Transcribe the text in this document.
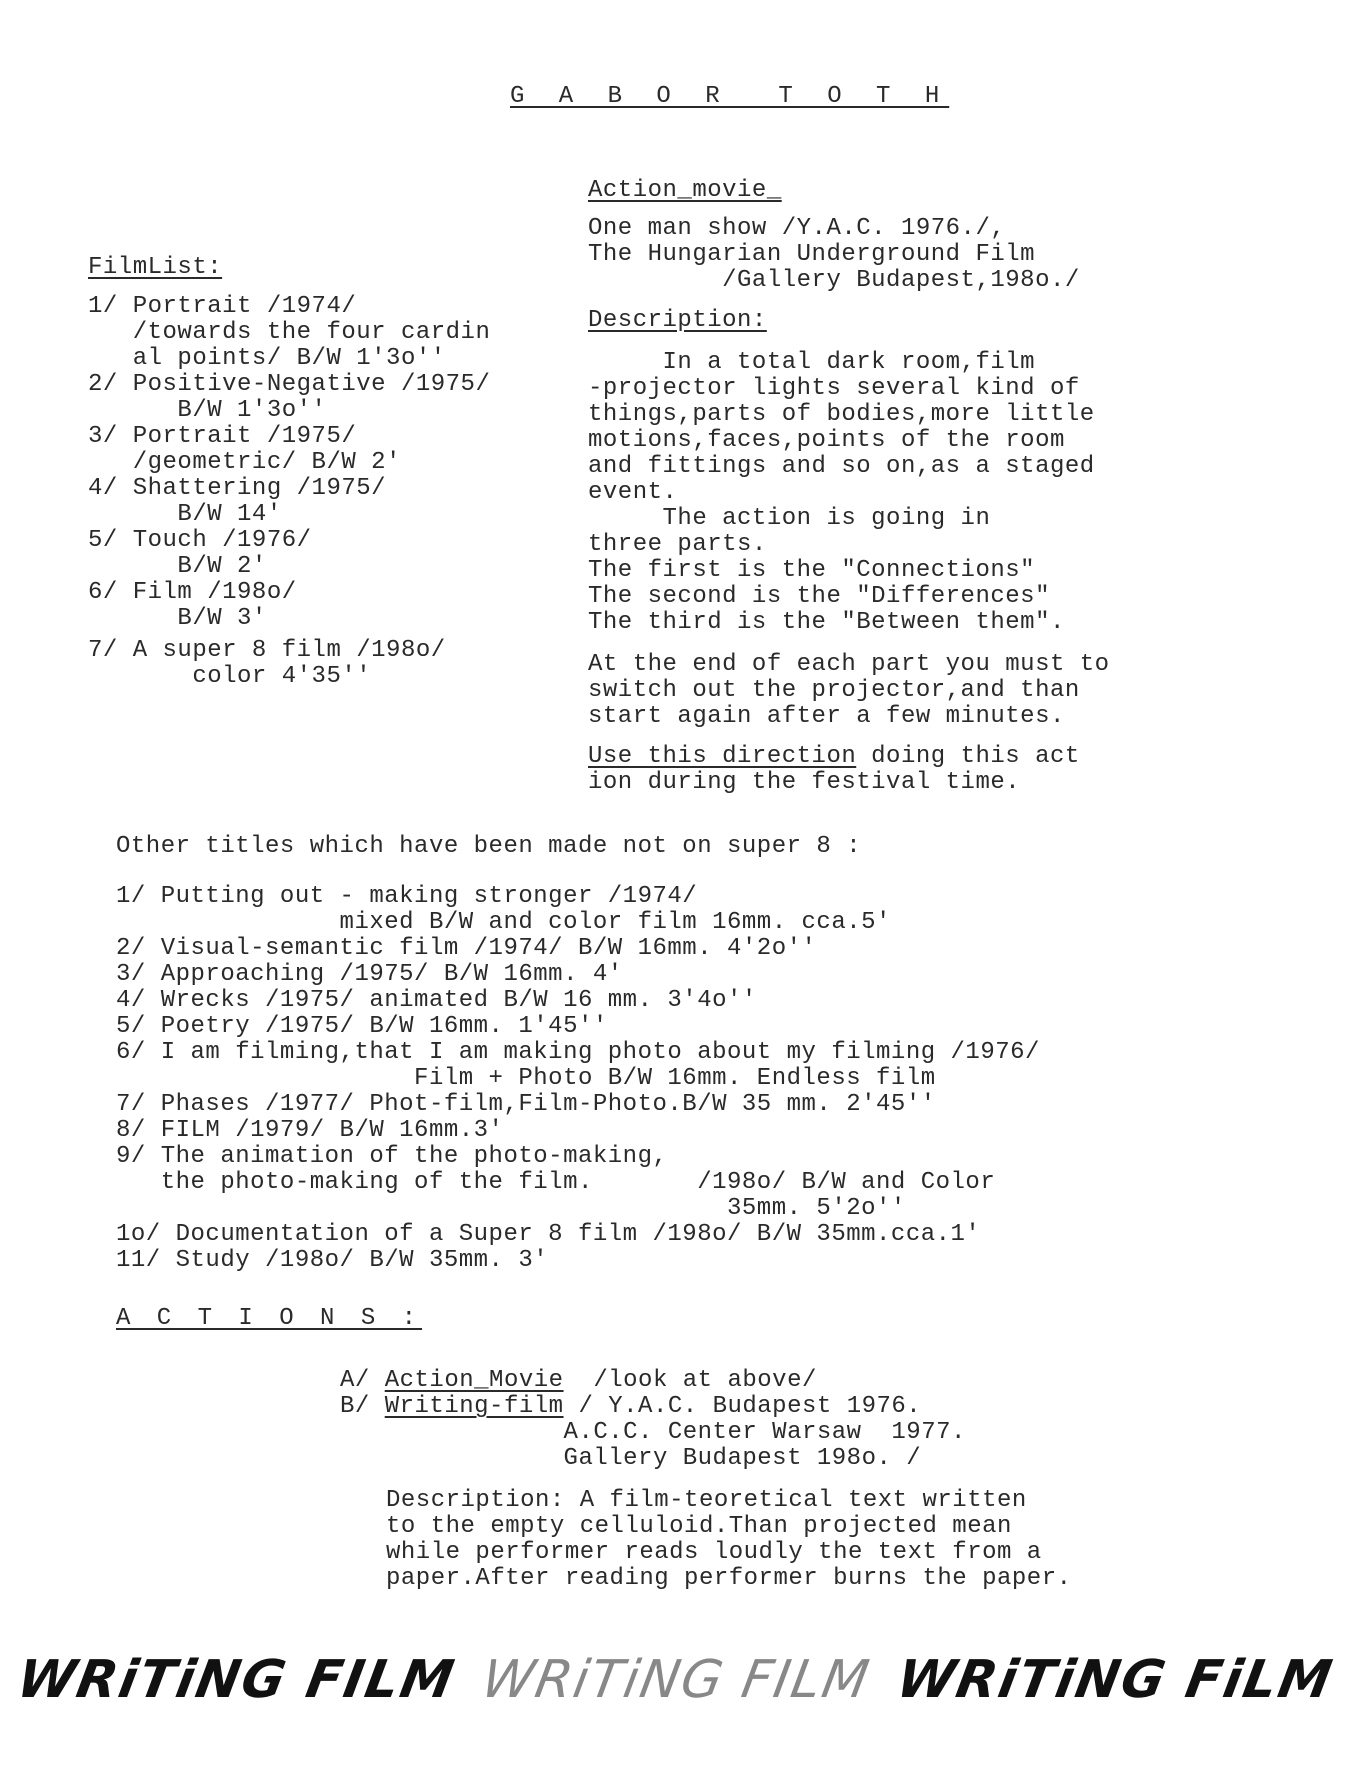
G A B O R  T O T H
FilmList:
1/ Portrait /1974/
/towards the four cardin
al points/ B/W 1'3o''
2/ Positive-Negative /1975/
B/W 1'3o''
3/ Portrait /1975/
/geometric/ B/W 2'
4/ Shattering /1975/
B/W 14'
5/ Touch /1976/
B/W 2'
6/ Film /198o/
B/W 3'
7/ A super 8 film /198o/
color 4'35''
Action_movie_
One man show /Y.A.C. 1976./,
The Hungarian Underground Film
/Gallery Budapest,198o./
Description:
In a total dark room,film
-projector lights several kind of
things,parts of bodies,more little
motions,faces,points of the room
and fittings and so on,as a staged
event.
The action is going in
three parts.
The first is the "Connections"
The second is the "Differences"
The third is the "Between them".
At the end of each part you must to
switch out the projector,and than
start again after a few minutes.
Use this direction doing this act
ion during the festival time.
Other titles which have been made not on super 8 :
1/ Putting out - making stronger /1974/
mixed B/W and color film 16mm. cca.5'
2/ Visual-semantic film /1974/ B/W 16mm. 4'2o''
3/ Approaching /1975/ B/W 16mm. 4'
4/ Wrecks /1975/ animated B/W 16 mm. 3'4o''
5/ Poetry /1975/ B/W 16mm. 1'45''
6/ I am filming,that I am making photo about my filming /1976/
Film + Photo B/W 16mm. Endless film
7/ Phases /1977/ Phot-film,Film-Photo.B/W 35 mm. 2'45''
8/ FILM /1979/ B/W 16mm.3'
9/ The animation of the photo-making,
the photo-making of the film.       /198o/ B/W and Color
35mm. 5'2o''
1o/ Documentation of a Super 8 film /198o/ B/W 35mm.cca.1'
11/ Study /198o/ B/W 35mm. 3'
A C T I O N S :
A/ Action_Movie  /look at above/
B/ Writing-film / Y.A.C. Budapest 1976.
A.C.C. Center Warsaw  1977.
Gallery Budapest 198o. /
Description: A film-teoretical text written
to the empty celluloid.Than projected mean
while performer reads loudly the text from a
paper.After reading performer burns the paper.
WRiTiNG FILM WRiTiNG FILM WRiTiNG FiLM
